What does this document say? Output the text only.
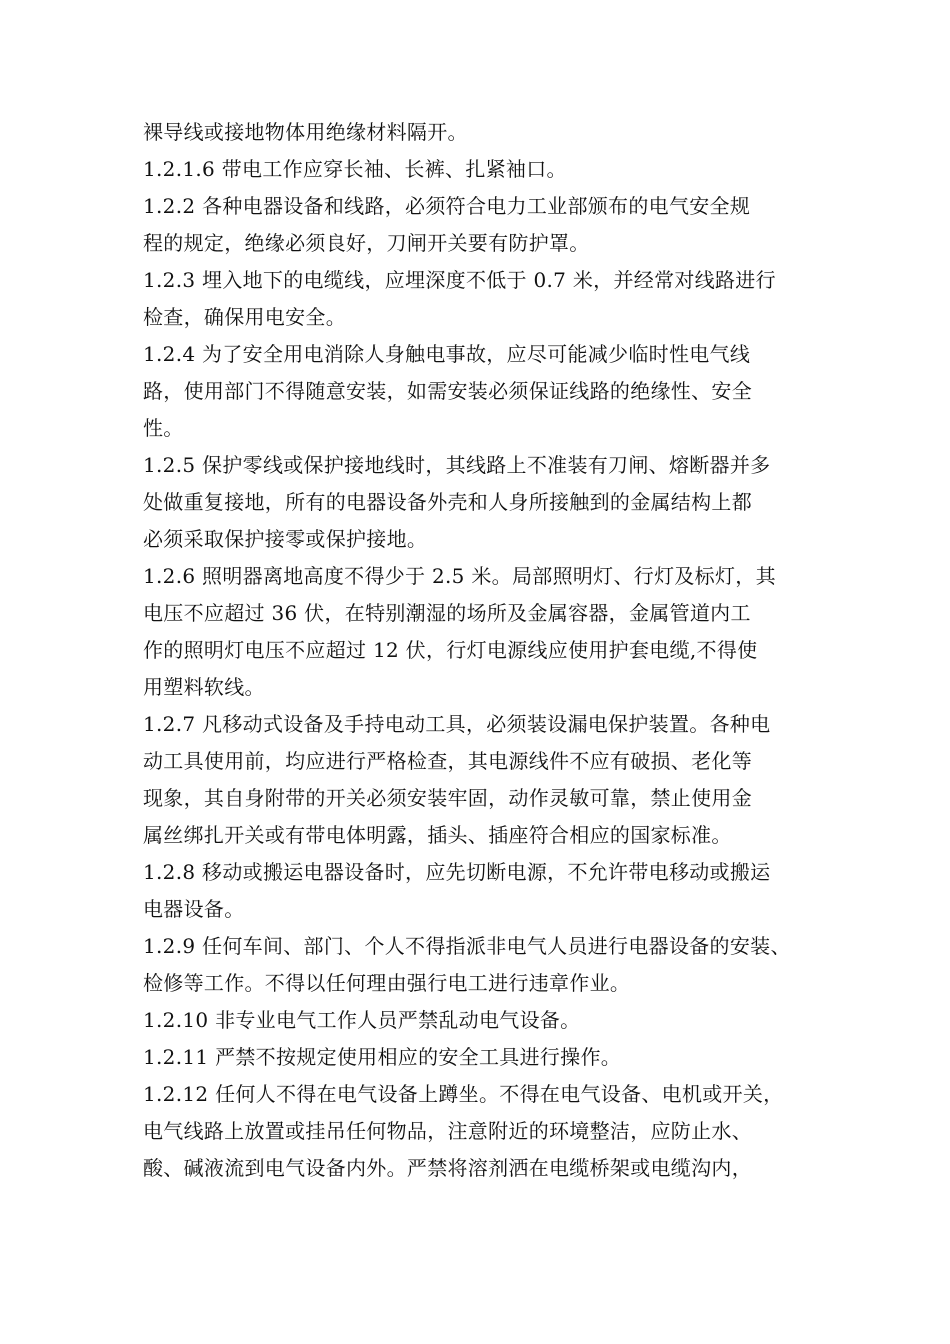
裸导线或接地物体用绝缘材料隔开。

1.2.1.6 带电工作应穿长袖、长裤、扎紧袖口。

1.2.2 各种电器设备和线路，必须符合电力工业部颁布的电气安全规
程的规定，绝缘必须良好，刀闸开关要有防护罩。

1.2.3 埋入地下的电缆线，应埋深度不低于 0.7 米，并经常对线路进行
检查，确保用电安全。

1.2.4 为了安全用电消除人身触电事故，应尽可能减少临时性电气线
路，使用部门不得随意安装，如需安装必须保证线路的绝缘性、安全
性。

1.2.5 保护零线或保护接地线时，其线路上不准装有刀闸、熔断器并多
处做重复接地，所有的电器设备外壳和人身所接触到的金属结构上都
必须采取保护接零或保护接地。

1.2.6 照明器离地高度不得少于 2.5 米。局部照明灯、行灯及标灯，其
电压不应超过 36 伏，在特别潮湿的场所及金属容器，金属管道内工
作的照明灯电压不应超过 12 伏，行灯电源线应使用护套电缆,不得使
用塑料软线。

1.2.7 凡移动式设备及手持电动工具，必须装设漏电保护装置。各种电
动工具使用前，均应进行严格检查，其电源线件不应有破损、老化等
现象，其自身附带的开关必须安装牢固，动作灵敏可靠，禁止使用金
属丝绑扎开关或有带电体明露，插头、插座符合相应的国家标准。

1.2.8 移动或搬运电器设备时，应先切断电源，不允许带电移动或搬运
电器设备。

1.2.9 任何车间、部门、个人不得指派非电气人员进行电器设备的安装、
检修等工作。不得以任何理由强行电工进行违章作业。

1.2.10 非专业电气工作人员严禁乱动电气设备。

1.2.11 严禁不按规定使用相应的安全工具进行操作。

1.2.12 任何人不得在电气设备上蹲坐。不得在电气设备、电机或开关，
电气线路上放置或挂吊任何物品，注意附近的环境整洁，应防止水、
酸、碱液流到电气设备内外。严禁将溶剂洒在电缆桥架或电缆沟内，
